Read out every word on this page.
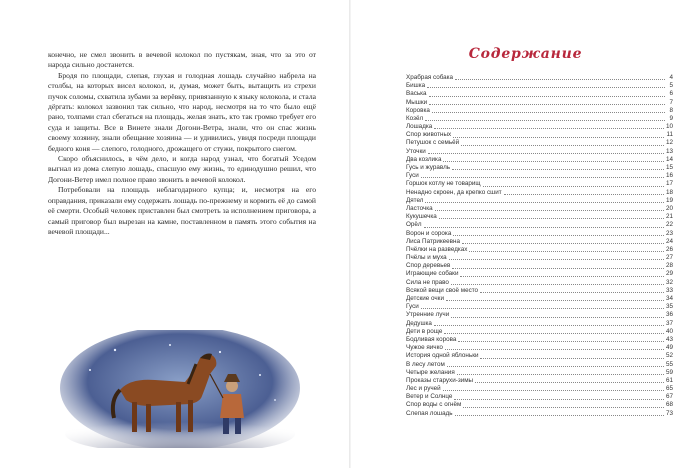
конечно, не смел звонить в вечевой колокол по пустякам, зная, что за это от народа сильно достанется.

Бродя по площади, слепая, глухая и голодная лошадь случайно набрела на столбы, на которых висел колокол, и, думая, может быть, вытащить из стрехи пучок соломы, схватила зубами за верёвку, привязанную к языку колокола, и стала дёргать: колокол зазвонил так сильно, что народ, несмотря на то что было ещё рано, толпами стал сбегаться на площадь, желая знать, кто так громко требует его суда и защиты. Все в Винете знали Догони-Ветра, знали, что он спас жизнь своему хозяину, знали обещание хозяина — и удивились, увидя посреди площади бедного коня — слепого, голодного, дрожащего от стужи, покрытого снегом.

Скоро объяснилось, в чём дело, и когда народ узнал, что богатый Уседом выгнал из дома слепую лошадь, спасшую ему жизнь, то единодушно решил, что Догони-Ветер имел полное право звонить в вечевой колокол.

Потребовали на площадь неблагодарного купца; и, несмотря на его оправдания, приказали ему содержать лошадь по-прежнему и кормить её до самой её смерти. Особый человек приставлен был смотреть за исполнением приговора, а самый приговор был вырезан на камне, поставленном в память этого события на вечевой площади...

Содержание
Храбрая собака	4
Бишка	5
Васька	6
Мышки	7
Коровка	8
Козёл	9
Лошадка	10
Спор животных	11
Петушок с семьёй	12
Уточки	13
Два козлика	14
Гусь и журавль	15
Гуси	16
Горшок котлу не товарищ	17
Ненадно скроен, да крепко сшит	18
Дятел	19
Ласточка	20
Кукушечка	21
Орёл	22
Ворон и сорока	23
Лиса Патрикеевна	24
Пчёлки на разведках	26
Пчёлы и муха	27
Спор деревьев	28
Играющие собаки	29
Сила не право	32
Всякой вещи своё место	33
Детские очки	34
Гуси	35
Утренние лучи	36
Дедушка	37
Дети в роще	40
Бодливая корова	43
Чужое яичко	49
История одной яблоньки	52
В лесу летом	55
Четыре желания	59
Проказы старухи-зимы	61
Лес и ручей	65
Ветер и Солнце	67
Спор воды с огнём	68
Слепая лошадь	73
